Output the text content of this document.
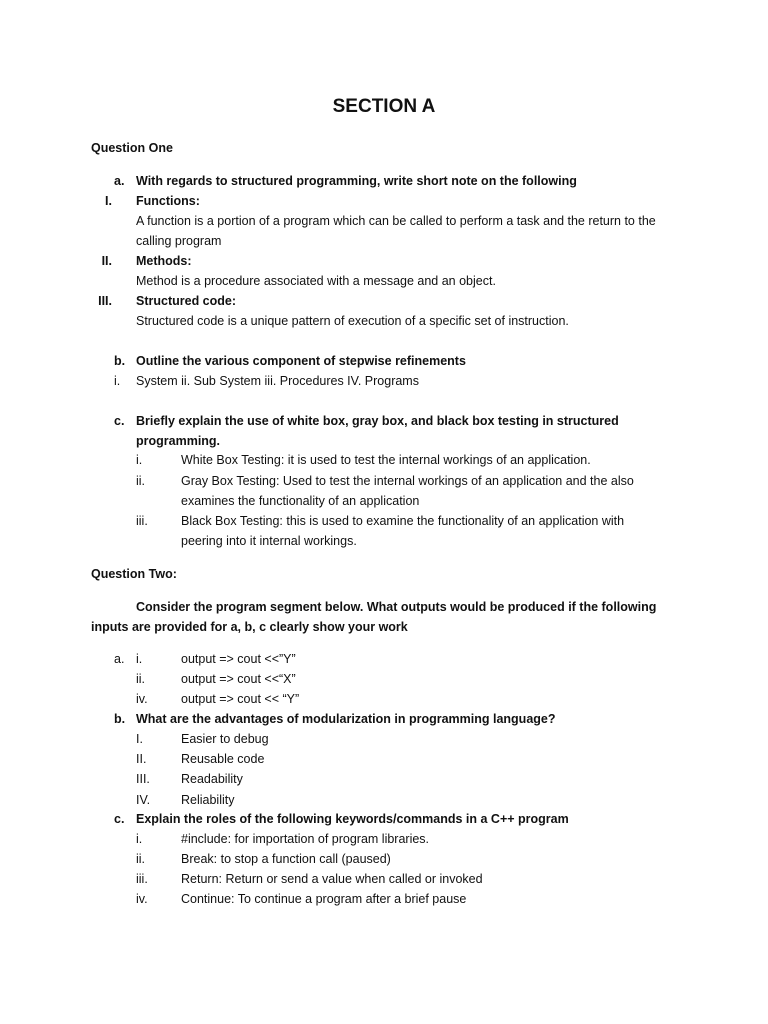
SECTION A
Question One
a. With regards to structured programming, write short note on the following
I. Functions:
A function is a portion of a program which can be called to perform a task and the return to the
calling program
II. Methods:
Method is a procedure associated with a message and an object.
III. Structured code:
Structured code is a unique pattern of execution of a specific set of instruction.
b. Outline the various component of stepwise refinements
i. System ii. Sub System iii. Procedures IV. Programs
c. Briefly explain the use of white box, gray box, and black box testing in structured
programming.
i.	White Box Testing: it is used to test the internal workings of an application.
ii.	Gray Box Testing: Used to test the internal workings of an application and the also
examines the functionality of an application
iii.	Black Box Testing: this is used to examine the functionality of an application with
peering into it internal workings.
Question Two:
Consider the program segment below. What outputs would be produced if the following
inputs are provided for a, b, c clearly show your work
a. i.	output => cout <<”Y”
ii.	output => cout <<“X”
iv.	output => cout << “Y”
b. What are the advantages of modularization in programming language?
I.	Easier to debug
II.	Reusable code
III. Readability
IV. Reliability
c. Explain the roles of the following keywords/commands in a C++ program
i.	#include: for importation of program libraries.
ii.	Break: to stop a function call (paused)
iii.	Return: Return or send a value when called or invoked
iv.	Continue: To continue a program after a brief pause
